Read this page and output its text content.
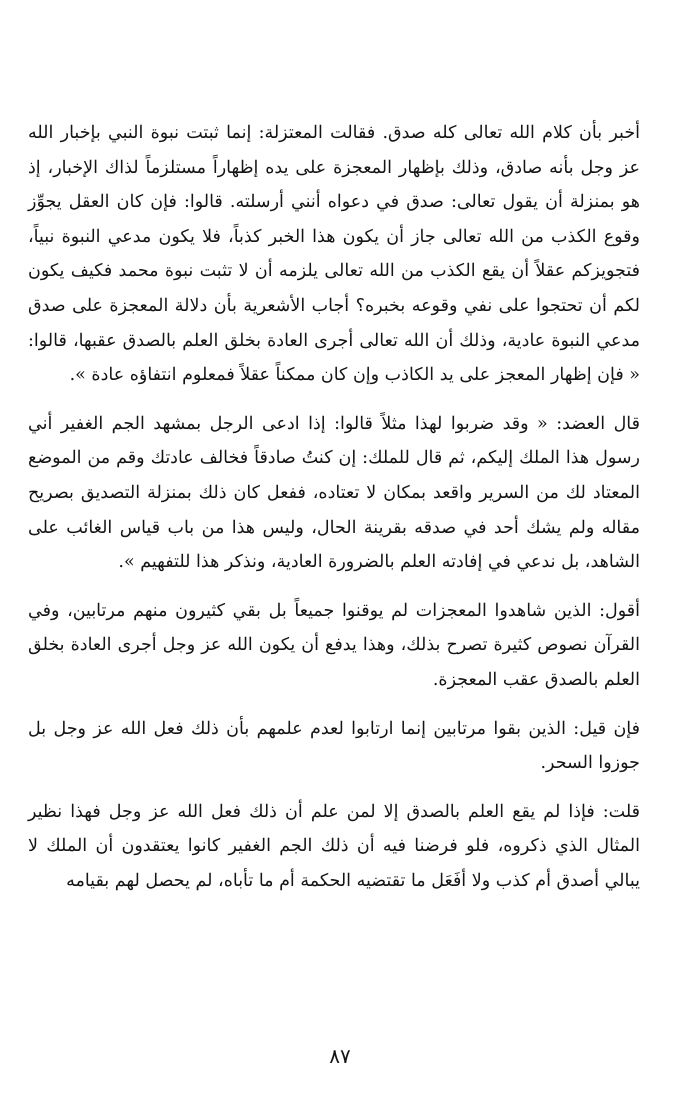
أخبر بأن كلام الله تعالى كله صدق. فقالت المعتزلة: إنما ثبتت نبوة النبي بإخبار الله عز وجل بأنه صادق، وذلك بإظهار المعجزة على يده إظهاراً مستلزماً لذاك الإخبار، إذ هو بمنزلة أن يقول تعالى: صدق في دعواه أنني أرسلته. قالوا: فإن كان العقل يجوِّز وقوع الكذب من الله تعالى جاز أن يكون هذا الخبر كذباً، فلا يكون مدعي النبوة نبياً، فتجويزكم عقلاً أن يقع الكذب من الله تعالى يلزمه أن لا تثبت نبوة محمد فكيف يكون لكم أن تحتجوا على نفي وقوعه بخبره؟ أجاب الأشعرية بأن دلالة المعجزة على صدق مدعي النبوة عادية، وذلك أن الله تعالى أجرى العادة بخلق العلم بالصدق عقبها، قالوا: « فإن إظهار المعجز على يد الكاذب وإن كان ممكناً عقلاً فمعلوم انتفاؤه عادة ».

قال العضد: « وقد ضربوا لهذا مثلاً قالوا: إذا ادعى الرجل بمشهد الجم الغفير أني رسول هذا الملك إليكم، ثم قال للملك: إن كنتُ صادقاً فخالف عادتك وقم من الموضع المعتاد لك من السرير واقعد بمكان لا تعتاده، ففعل كان ذلك بمنزلة التصديق بصريح مقاله ولم يشك أحد في صدقه بقرينة الحال، وليس هذا من باب قياس الغائب على الشاهد، بل ندعي في إفادته العلم بالضرورة العادية، ونذكر هذا للتفهيم ».

أقول: الذين شاهدوا المعجزات لم يوقنوا جميعاً بل بقي كثيرون منهم مرتابين، وفي القرآن نصوص كثيرة تصرح بذلك، وهذا يدفع أن يكون الله عز وجل أجرى العادة بخلق العلم بالصدق عقب المعجزة.

فإن قيل: الذين بقوا مرتابين إنما ارتابوا لعدم علمهم بأن ذلك فعل الله عز وجل بل جوزوا السحر.

قلت: فإذا لم يقع العلم بالصدق إلا لمن علم أن ذلك فعل الله عز وجل فهذا نظير المثال الذي ذكروه، فلو فرضنا فيه أن ذلك الجم الغفير كانوا يعتقدون أن الملك لا يبالي أصدق أم كذب ولا أفَعَل ما تقتضيه الحكمة أم ما تأباه، لم يحصل لهم بقيامه

٨٧
